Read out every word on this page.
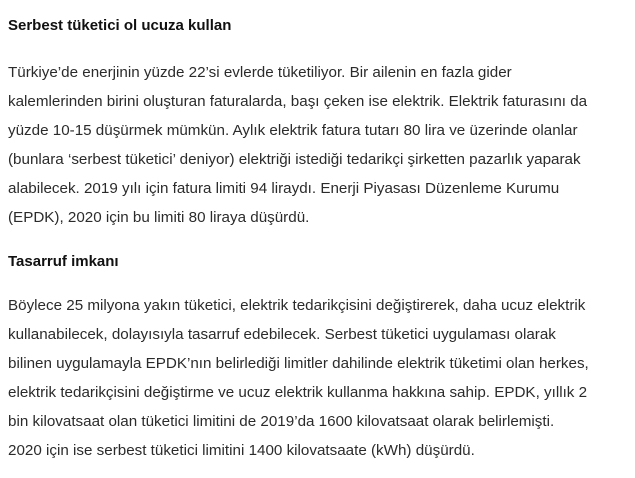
Serbest tüketici ol ucuza kullan

Türkiye’de enerjinin yüzde 22’si evlerde tüketiliyor. Bir ailenin en fazla gider
kalemlerinden birini oluşturan faturalarda, başı çeken ise elektrik. Elektrik faturasını da
yüzde 10-15 düşürmek mümkün. Aylık elektrik fatura tutarı 80 lira ve üzerinde olanlar
(bunlara ‘serbest tüketici’ deniyor) elektriği istediği tedarikçi şirketten pazarlık yaparak
alabilecek. 2019 yılı için fatura limiti 94 liraydı. Enerji Piyasası Düzenleme Kurumu
(EPDK), 2020 için bu limiti 80 liraya düşürdü.

Tasarruf imkanı

Böylece 25 milyona yakın tüketici, elektrik tedarikçisini değiştirerek, daha ucuz elektrik
kullanabilecek, dolayısıyla tasarruf edebilecek. Serbest tüketici uygulaması olarak
bilinen uygulamayla EPDK’nın belirlediği limitler dahilinde elektrik tüketimi olan herkes,
elektrik tedarikçisini değiştirme ve ucuz elektrik kullanma hakkına sahip. EPDK, yıllık 2
bin kilovatsaat olan tüketici limitini de 2019’da 1600 kilovatsaat olarak belirlemişti.
2020 için ise serbest tüketici limitini 1400 kilovatsaate (kWh) düşürdü.
